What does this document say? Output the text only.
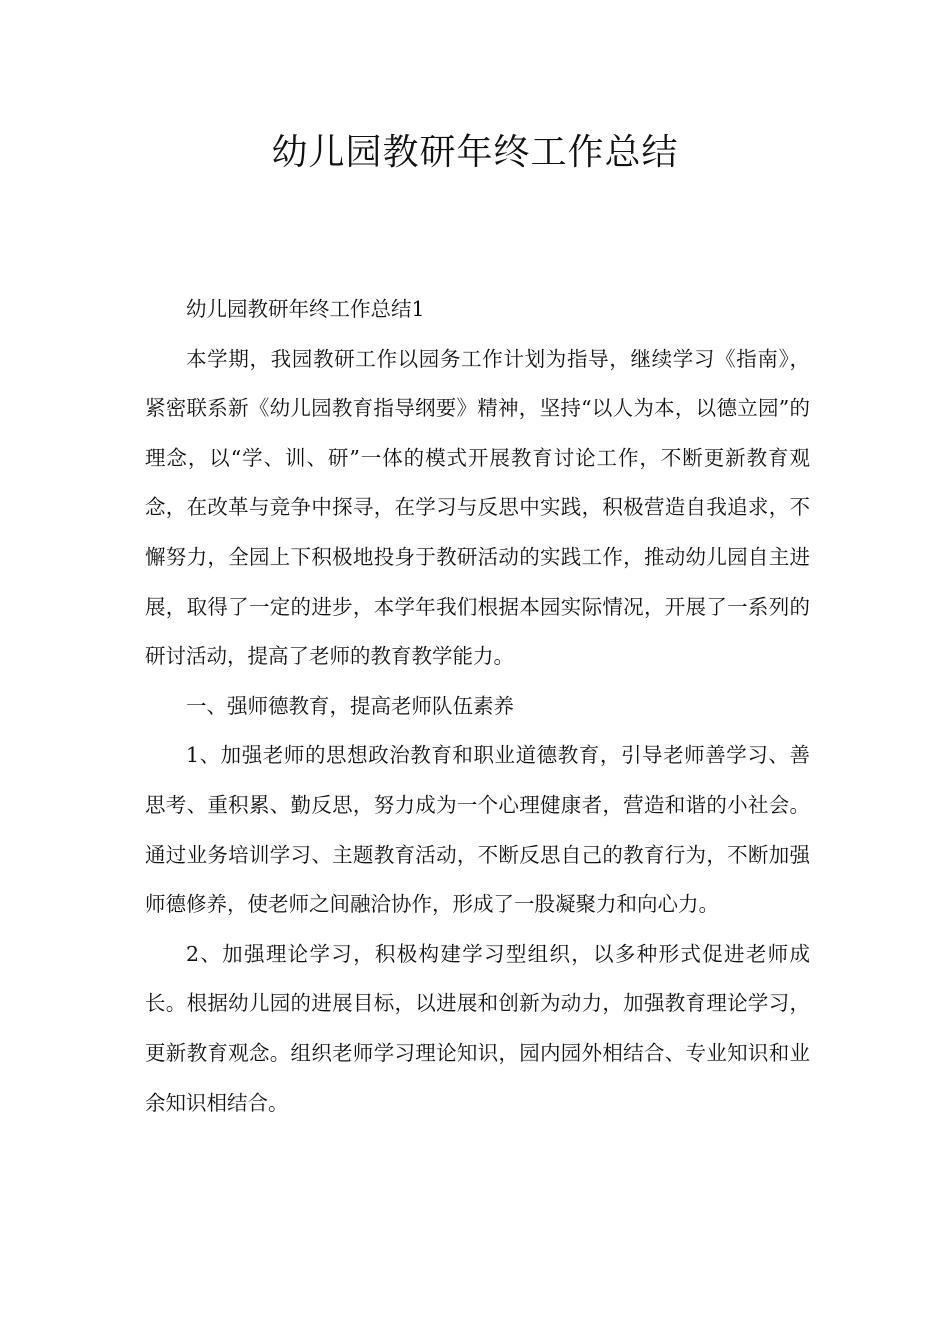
幼儿园教研年终工作总结

幼儿园教研年终工作总结1

本学期，我园教研工作以园务工作计划为指导，继续学习《指南》，紧密联系新《幼儿园教育指导纲要》精神，坚持“以人为本，以德立园”的理念，以“学、训、研”一体的模式开展教育讨论工作，不断更新教育观念，在改革与竞争中探寻，在学习与反思中实践，积极营造自我追求，不懈努力，全园上下积极地投身于教研活动的实践工作，推动幼儿园自主进展，取得了一定的进步，本学年我们根据本园实际情况，开展了一系列的研讨活动，提高了老师的教育教学能力。

一、强师德教育，提高老师队伍素养

1、加强老师的思想政治教育和职业道德教育，引导老师善学习、善思考、重积累、勤反思，努力成为一个心理健康者，营造和谐的小社会。通过业务培训学习、主题教育活动，不断反思自己的教育行为，不断加强师德修养，使老师之间融洽协作，形成了一股凝聚力和向心力。

2、加强理论学习，积极构建学习型组织，以多种形式促进老师成长。根据幼儿园的进展目标，以进展和创新为动力，加强教育理论学习，更新教育观念。组织老师学习理论知识，园内园外相结合、专业知识和业余知识相结合。
